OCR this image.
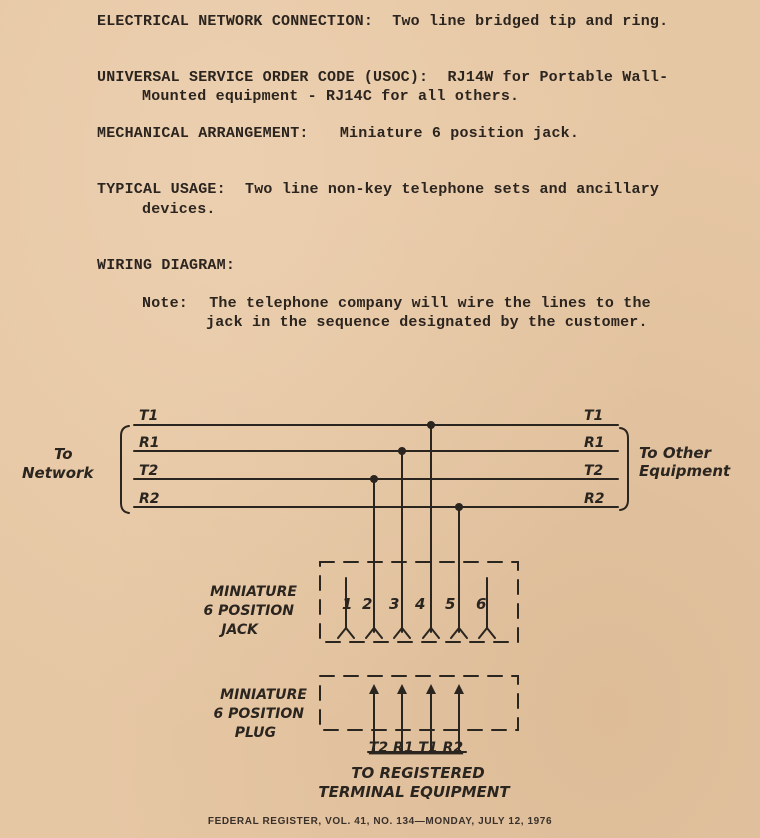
ELECTRICAL NETWORK CONNECTION: Two line bridged tip and ring.
UNIVERSAL SERVICE ORDER CODE (USOC): RJ14W for Portable Wall-
Mounted equipment - RJ14C for all others.
MECHANICAL ARRANGEMENT: Miniature 6 position jack.
TYPICAL USAGE: Two line non-key telephone sets and ancillary
devices.
WIRING DIAGRAM:
Note: The telephone company will wire the lines to the
jack in the sequence designated by the customer.
T1
R1
T2
R2
T1
R1
T2
R2
To
Network
To Other
Equipment
MINIATURE
6 POSITION
JACK
1 2 3 4 5 6
MINIATURE
6 POSITION
PLUG
T2 R1 T1 R2
TO REGISTERED
TERMINAL EQUIPMENT
FEDERAL REGISTER, VOL. 41, NO. 134—MONDAY, JULY 12, 1976
